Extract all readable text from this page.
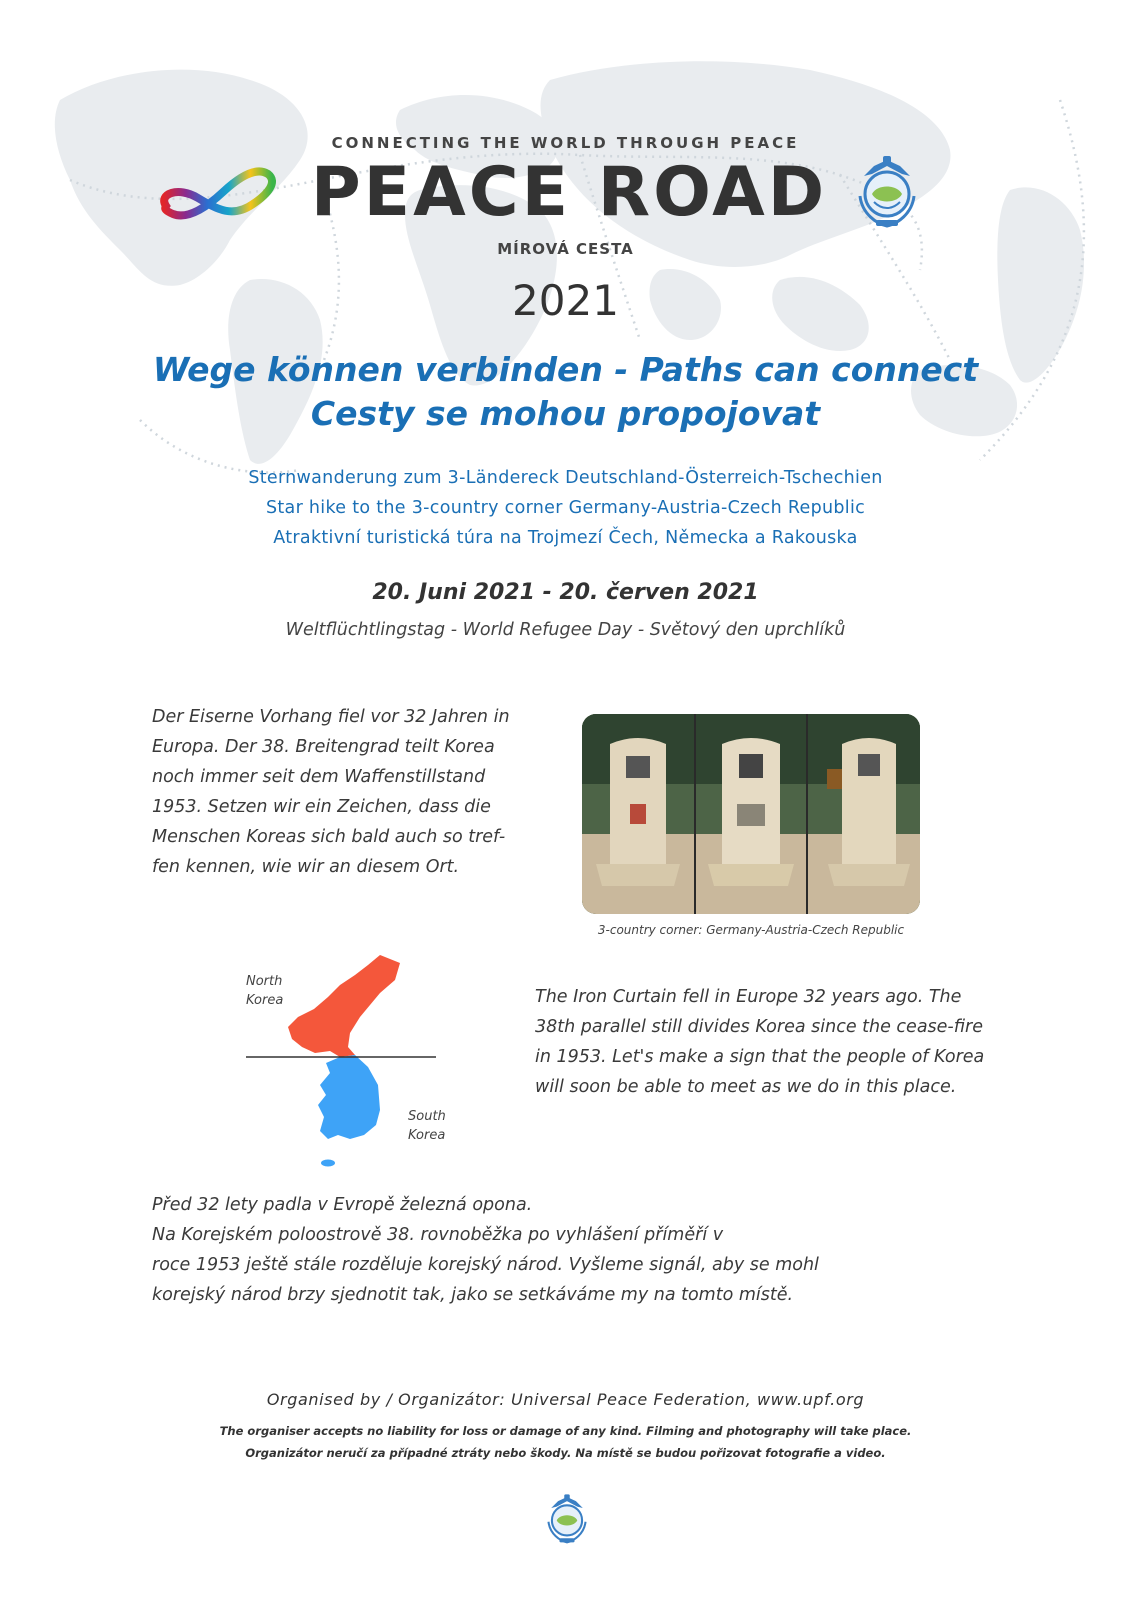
CONNECTING THE WORLD THROUGH PEACE
PEACE ROAD
MÍROVÁ CESTA
2021
Wege können verbinden - Paths can connect
Cesty se mohou propojovat
Sternwanderung zum 3-Ländereck Deutschland-Österreich-Tschechien
Star hike to the 3-country corner Germany-Austria-Czech Republic
Atraktivní turistická túra na Trojmezí Čech, Německa a Rakouska
20. Juni 2021 - 20. červen 2021
Weltflüchtlingstag - World Refugee Day - Světový den uprchlíků
Der Eiserne Vorhang fiel vor 32 Jahren in
Europa. Der 38. Breitengrad teilt Korea
noch immer seit dem Waffenstillstand
1953. Setzen wir ein Zeichen, dass die
Menschen Koreas sich bald auch so tref-
fen kennen, wie wir an diesem Ort.
3-country corner: Germany-Austria-Czech Republic
North
Korea
South
Korea
The Iron Curtain fell in Europe 32 years ago. The
38th parallel still divides Korea since the cease-fire
in 1953. Let's make a sign that the people of Korea
will soon be able to meet as we do in this place.
Před 32 lety padla v Evropě železná opona.
Na Korejském poloostrově 38. rovnoběžka po vyhlášení příměří v
roce 1953 ještě stále rozděluje korejský národ. Vyšleme signál, aby se mohl
korejský národ brzy sjednotit tak, jako se setkáváme my na tomto místě.
Organised by / Organizátor: Universal Peace Federation, www.upf.org
The organiser accepts no liability for loss or damage of any kind. Filming and photography will take place.
Organizátor neručí za případné ztráty nebo škody. Na místě se budou pořizovat fotografie a video.
